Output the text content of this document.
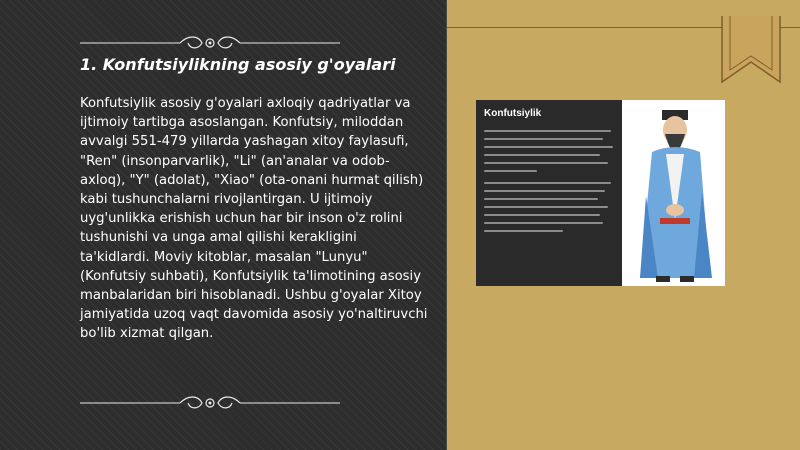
1. Konfutsiylikning asosiy g'oyalari
Konfutsiylik asosiy g'oyalari axloqiy qadriyatlar va ijtimoiy tartibga asoslangan. Konfutsiy, miloddan avvalgi 551-479 yillarda yashagan xitoy faylasufi, "Ren" (insonparvarlik), "Li" (an'analar va odob-axloq), "Y" (adolat), "Xiao" (ota-onani hurmat qilish) kabi tushunchalarni rivojlantirgan. U ijtimoiy uyg'unlikka erishish uchun har bir inson o'z rolini tushunishi va unga amal qilishi kerakligini ta'kidlardi. Moviy kitoblar, masalan "Lunyu" (Konfutsiy suhbati), Konfutsiylik ta'limotining asosiy manbalaridan biri hisoblanadi. Ushbu g'oyalar Xitoy jamiyatida uzoq vaqt davomida asosiy yo'naltiruvchi bo'lib xizmat qilgan.
Konfutsiylik
